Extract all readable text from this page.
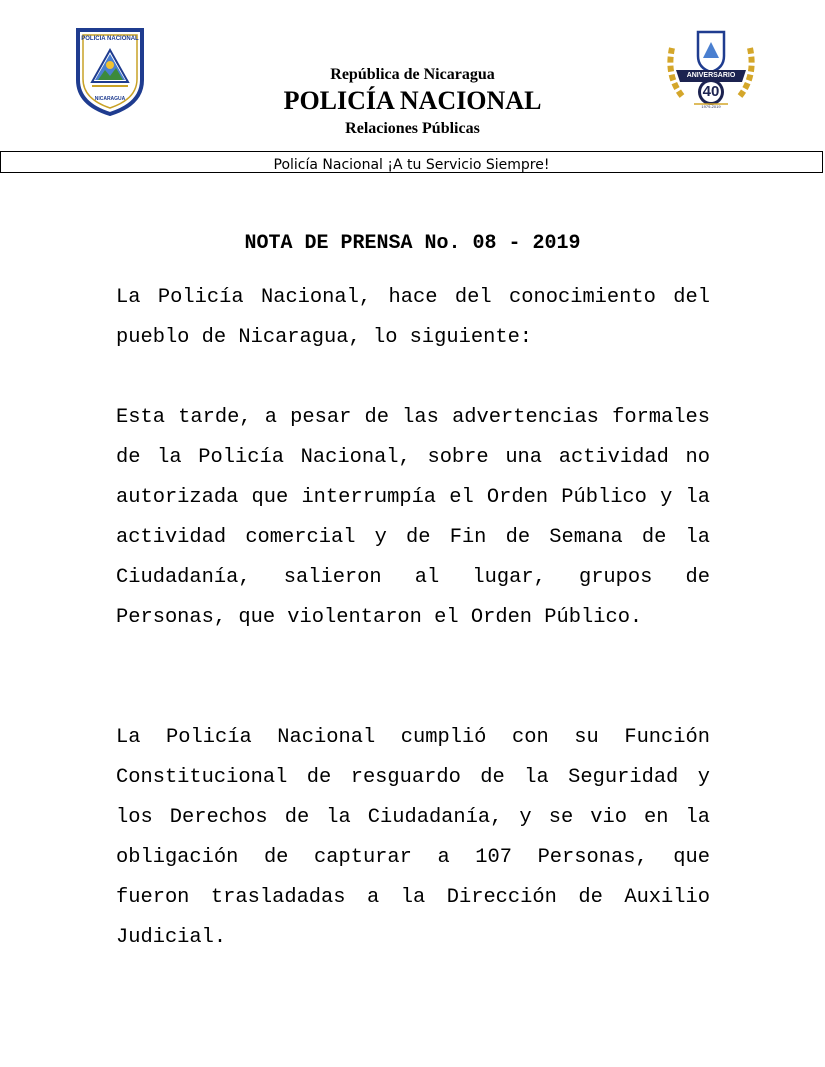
ANIVERSARIO
40
1979-2019
POLICIA NACIONAL
NICARAGUA
República de Nicaragua
POLICÍA NACIONAL
Relaciones Públicas
Policía Nacional ¡A tu Servicio Siempre!
NOTA DE PRENSA No. 08 - 2019
La Policía Nacional, hace del conocimiento del pueblo de Nicaragua, lo siguiente:
Esta tarde, a pesar de las advertencias formales de la Policía Nacional, sobre una actividad no autorizada que interrumpía el Orden Público y la actividad comercial y de Fin de Semana de la Ciudadanía, salieron al lugar, grupos de Personas, que violentaron el Orden Público.
La Policía Nacional cumplió con su Función Constitucional de resguardo de la Seguridad y los Derechos de la Ciudadanía, y se vio en la obligación de capturar a 107 Personas, que fueron trasladadas a la Dirección de Auxilio Judicial.
